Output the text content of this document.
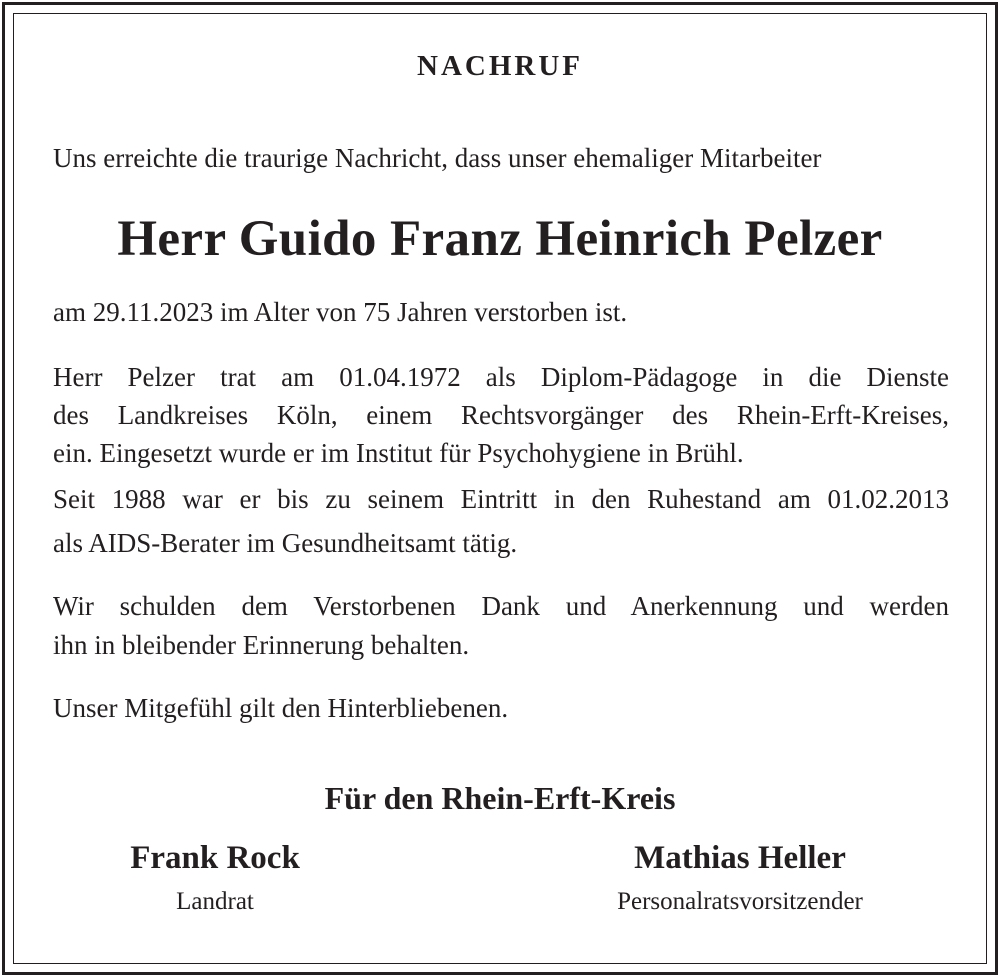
NACHRUF
Uns erreichte die traurige Nachricht, dass unser ehemaliger Mitarbeiter
Herr Guido Franz Heinrich Pelzer
am 29.11.2023 im Alter von 75 Jahren verstorben ist.
Herr Pelzer trat am 01.04.1972 als Diplom-Pädagoge in die Dienste
des Landkreises Köln, einem Rechtsvorgänger des Rhein-Erft-Kreises,
ein. Eingesetzt wurde er im Institut für Psychohygiene in Brühl.
Seit 1988 war er bis zu seinem Eintritt in den Ruhestand am 01.02.2013
als AIDS-Berater im Gesundheitsamt tätig.
Wir schulden dem Verstorbenen Dank und Anerkennung und werden
ihn in bleibender Erinnerung behalten.
Unser Mitgefühl gilt den Hinterbliebenen.
Für den Rhein-Erft-Kreis
Frank Rock
Landrat
Mathias Heller
Personalratsvorsitzender
